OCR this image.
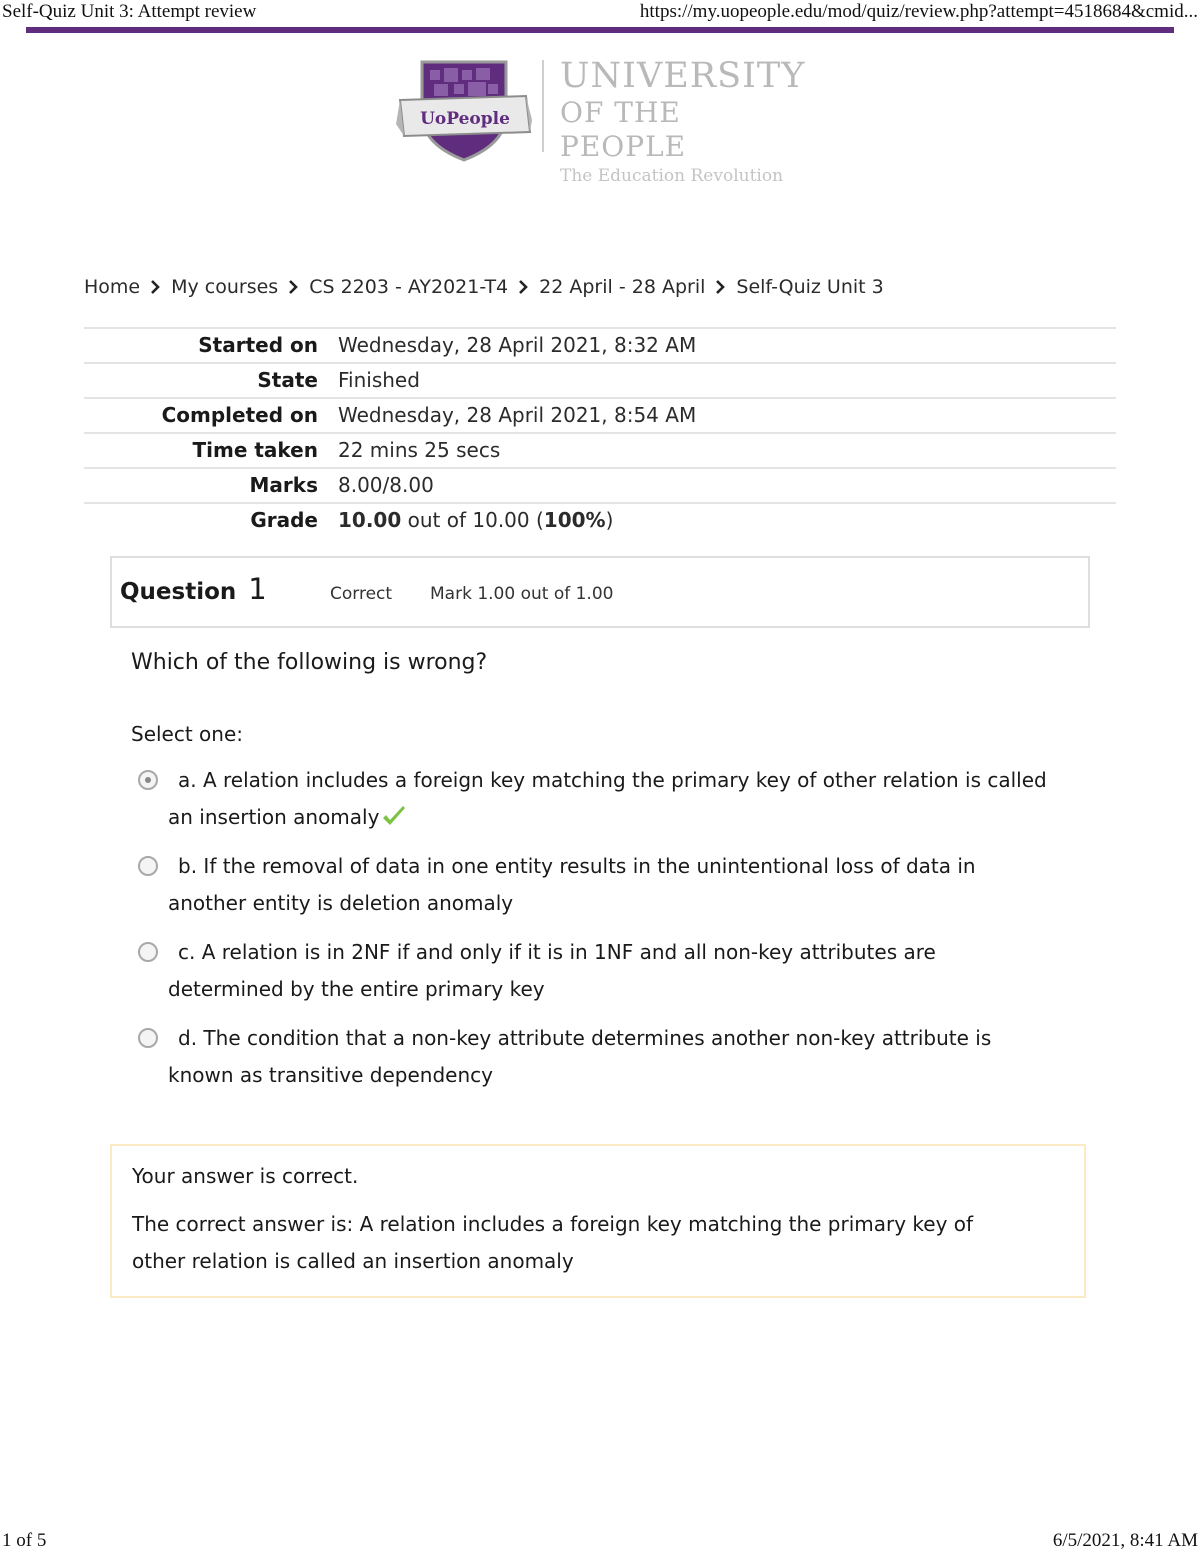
Self-Quiz Unit 3: Attempt review	https://my.uopeople.edu/mod/quiz/review.php?attempt=4518684&cmid...
UoPeople
UNIVERSITY
OF THE PEOPLE
The Education Revolution
Home My courses CS 2203 - AY2021-T4 22 April - 28 April Self-Quiz Unit 3
Started on	Wednesday, 28 April 2021, 8:32 AM
State	Finished
Completed on	Wednesday, 28 April 2021, 8:54 AM
Time taken	22 mins 25 secs
Marks	8.00/8.00
Grade	10.00 out of 10.00 (100%)
Question 1	Correct Mark 1.00 out of 1.00
Which of the following is wrong?
Select one:
a. A relation includes a foreign key matching the primary key of other relation is called an insertion anomaly
b. If the removal of data in one entity results in the unintentional loss of data in another entity is deletion anomaly
c. A relation is in 2NF if and only if it is in 1NF and all non-key attributes are determined by the entire primary key
d. The condition that a non-key attribute determines another non-key attribute is known as transitive dependency
Your answer is correct.
The correct answer is: A relation includes a foreign key matching the primary key of other relation is called an insertion anomaly
1 of 5	6/5/2021, 8:41 AM
